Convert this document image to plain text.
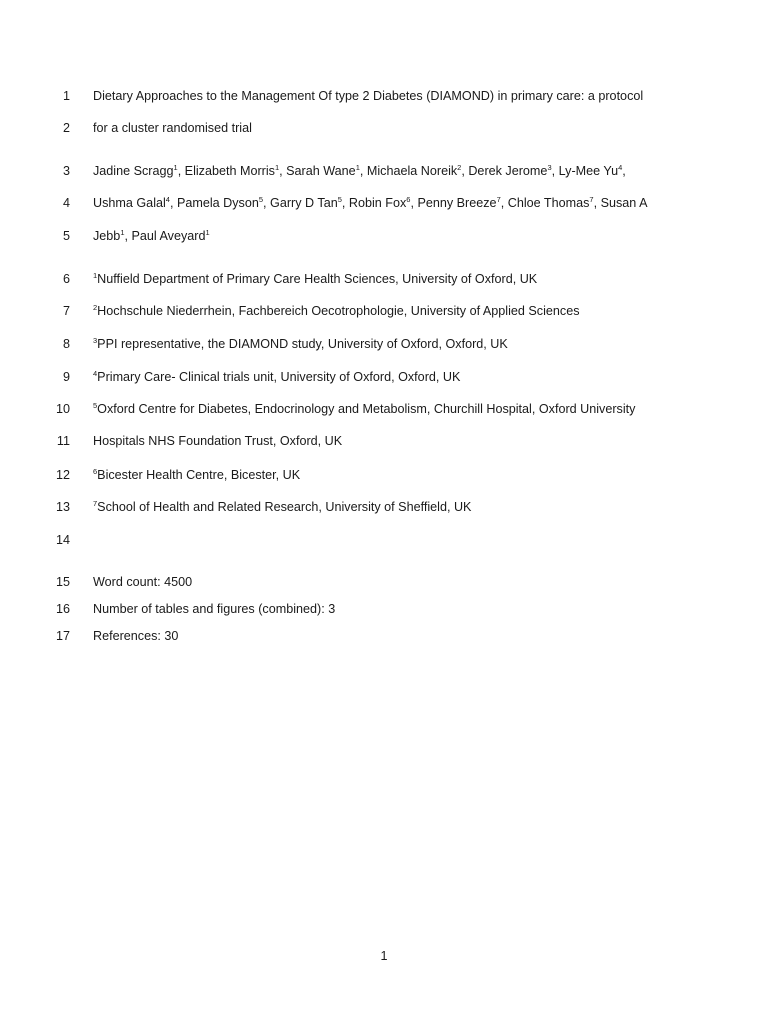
1 Dietary Approaches to the Management Of type 2 Diabetes (DIAMOND) in primary care: a protocol
2 for a cluster randomised trial
3 Jadine Scragg$^1$, Elizabeth Morris$^1$, Sarah Wane$^1$, Michaela Noreik$^2$, Derek Jerome$^3$, Ly-Mee Yu$^4$,
4 Ushma Galal$^4$, Pamela Dyson$^5$, Garry D Tan$^5$, Robin Fox$^6$, Penny Breeze$^7$, Chloe Thomas$^7$, Susan A
5 Jebb$^1$, Paul Aveyard$^1$
6	$^1$Nuffield Department of Primary Care Health Sciences, University of Oxford, UK
7	$^2$Hochschule Niederrhein, Fachbereich Oecotrophologie, University of Applied Sciences
8	$^3$PPI representative, the DIAMOND study, University of Oxford, Oxford, UK
9	$^4$Primary Care- Clinical trials unit, University of Oxford, Oxford, UK
10	$^5$Oxford Centre for Diabetes, Endocrinology and Metabolism, Churchill Hospital, Oxford University
11 Hospitals NHS Foundation Trust, Oxford, UK
12	$^6$Bicester Health Centre, Bicester, UK
13	$^7$School of Health and Related Research, University of Sheffield, UK
14
15 Word count: 4500
16 Number of tables and figures (combined): 3
17 References: 30
1
